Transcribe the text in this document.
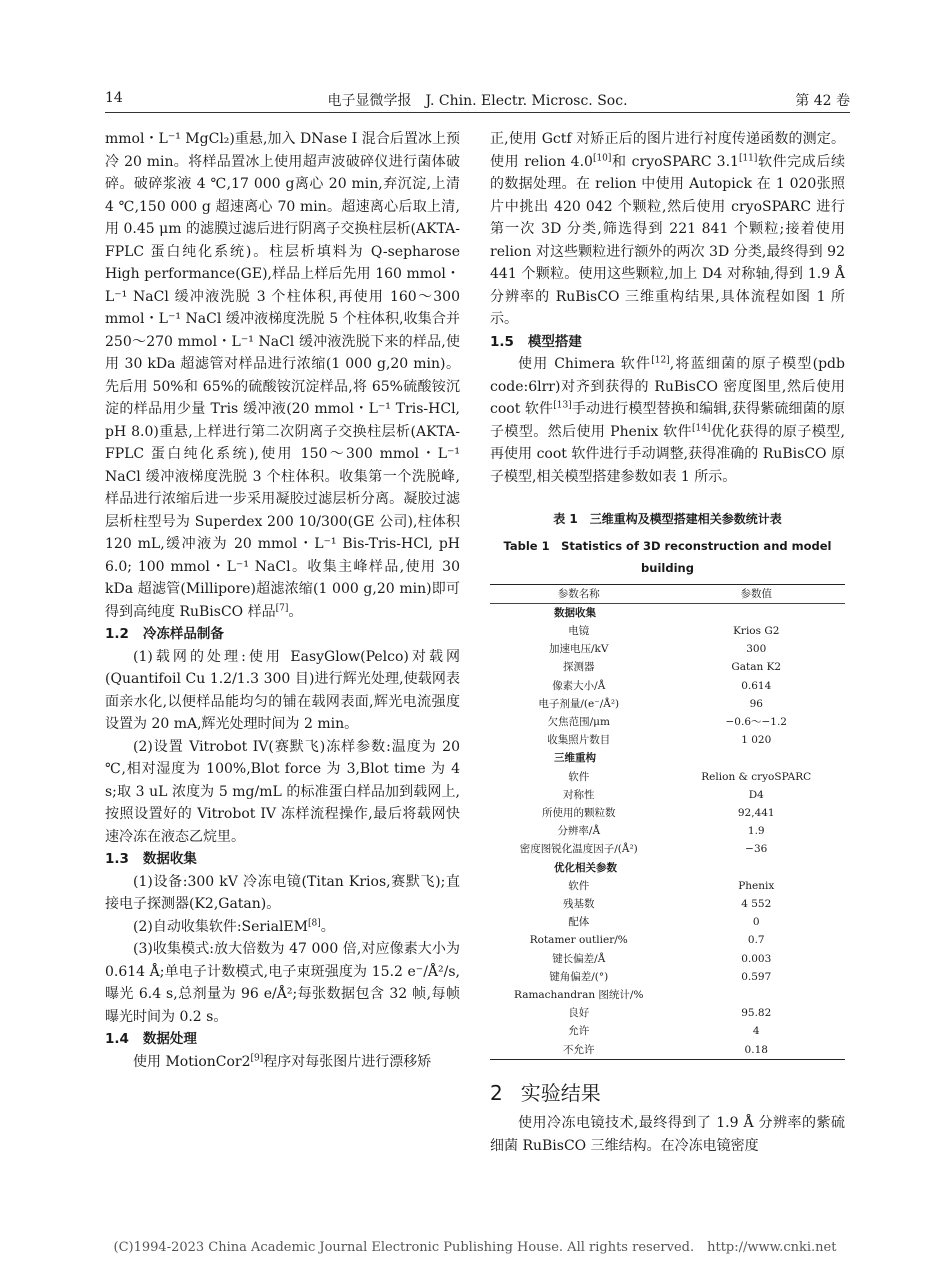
14	电子显微学报　J. Chin. Electr. Microsc. Soc.	第 42 卷

mmol・L⁻¹ MgCl₂)重悬,加入 DNase I 混合后置冰上预冷 20 min。将样品置冰上使用超声波破碎仪进行菌体破碎。破碎浆液 4 ℃,17 000 g离心 20 min,弃沉淀,上清 4 ℃,150 000 g 超速离心 70 min。超速离心后取上清,用 0.45 μm 的滤膜过滤后进行阴离子交换柱层析(AKTA-FPLC 蛋白纯化系统)。柱层析填料为 Q-sepharose High performance(GE),样品上样后先用 160 mmol・L⁻¹ NaCl 缓冲液洗脱 3 个柱体积,再使用 160～300 mmol・L⁻¹ NaCl 缓冲液梯度洗脱 5 个柱体积,收集合并 250～270 mmol・L⁻¹ NaCl 缓冲液洗脱下来的样品,使用 30 kDa 超滤管对样品进行浓缩(1 000 g,20 min)。先后用 50%和 65%的硫酸铵沉淀样品,将 65%硫酸铵沉淀的样品用少量 Tris 缓冲液(20 mmol・L⁻¹ Tris-HCl, pH 8.0)重悬,上样进行第二次阴离子交换柱层析(AKTA-FPLC 蛋白纯化系统),使用 150～300 mmol・L⁻¹ NaCl 缓冲液梯度洗脱 3 个柱体积。收集第一个洗脱峰,样品进行浓缩后进一步采用凝胶过滤层析分离。凝胶过滤层析柱型号为 Superdex 200 10/300(GE 公司),柱体积 120 mL,缓冲液为 20 mmol・L⁻¹ Bis-Tris-HCl, pH 6.0; 100 mmol・L⁻¹ NaCl。收集主峰样品,使用 30 kDa 超滤管(Millipore)超滤浓缩(1 000 g,20 min)即可得到高纯度 RuBisCO 样品[7]。

1.2 冷冻样品制备

(1)载网的处理:使用 EasyGlow(Pelco)对载网(Quantifoil Cu 1.2/1.3 300 目)进行辉光处理,使载网表面亲水化,以便样品能均匀的铺在载网表面,辉光电流强度设置为 20 mA,辉光处理时间为 2 min。

(2)设置 Vitrobot IV(赛默飞)冻样参数:温度为 20 ℃,相对湿度为 100%,Blot force 为 3,Blot time 为 4 s;取 3 uL 浓度为 5 mg/mL 的标准蛋白样品加到载网上,按照设置好的 Vitrobot IV 冻样流程操作,最后将载网快速冷冻在液态乙烷里。

1.3 数据收集

(1)设备:300 kV 冷冻电镜(Titan Krios,赛默飞);直接电子探测器(K2,Gatan)。

(2)自动收集软件:SerialEM[8]。

(3)收集模式:放大倍数为 47 000 倍,对应像素大小为 0.614 Å;单电子计数模式,电子束斑强度为 15.2 e⁻/Å²/s,曝光 6.4 s,总剂量为 96 e/Å²;每张数据包含 32 帧,每帧曝光时间为 0.2 s。

1.4 数据处理

使用 MotionCor2[9]程序对每张图片进行漂移矫

正,使用 Gctf 对矫正后的图片进行衬度传递函数的测定。使用 relion 4.0[10]和 cryoSPARC 3.1[11]软件完成后续的数据处理。在 relion 中使用 Autopick 在 1 020张照片中挑出 420 042 个颗粒,然后使用 cryoSPARC 进行第一次 3D 分类,筛选得到 221 841 个颗粒;接着使用 relion 对这些颗粒进行额外的两次 3D 分类,最终得到 92 441 个颗粒。使用这些颗粒,加上 D4 对称轴,得到 1.9 Å 分辨率的 RuBisCO 三维重构结果,具体流程如图 1 所示。

1.5 模型搭建

使用 Chimera 软件[12],将蓝细菌的原子模型(pdb code:6lrr)对齐到获得的 RuBisCO 密度图里,然后使用 coot 软件[13]手动进行模型替换和编辑,获得紫硫细菌的原子模型。然后使用 Phenix 软件[14]优化获得的原子模型,再使用 coot 软件进行手动调整,获得准确的 RuBisCO 原子模型,相关模型搭建参数如表 1 所示。

表 1　三维重构及模型搭建相关参数统计表
Table 1　Statistics of 3D reconstruction and model building
参数名称	参数值
数据收集	
电镜	Krios G2
加速电压/kV	300
探测器	Gatan K2
像素大小/Å	0.614
电子剂量/(e⁻/Å²)	96
欠焦范围/μm	−0.6～−1.2
收集照片数目	1 020
三维重构	
软件	Relion & cryoSPARC
对称性	D4
所使用的颗粒数	92,441
分辨率/Å	1.9
密度图锐化温度因子/(Å²)	−36
优化相关参数	
软件	Phenix
残基数	4 552
配体	0
Rotamer outlier/%	0.7
键长偏差/Å	0.003
键角偏差/(°)	0.597
Ramachandran 图统计/%	
良好	95.82
允许	4
不允许	0.18
2 实验结果

使用冷冻电镜技术,最终得到了 1.9 Å 分辨率的紫硫细菌 RuBisCO 三维结构。在冷冻电镜密度

(C)1994-2023 China Academic Journal Electronic Publishing House. All rights reserved.　http://www.cnki.net
